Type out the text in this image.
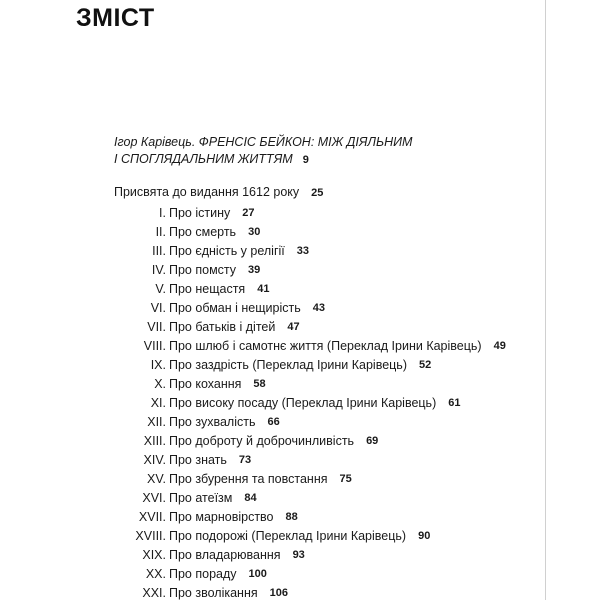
ЗМІСТ
Ігор Карівець. ФРЕНСІС БЕЙКОН: МІЖ ДІЯЛЬНИМ
І СПОГЛЯДАЛЬНИМ ЖИТТЯМ 9
Присвята до видання 1612 року 25
I. Про істину 27
II. Про смерть 30
III. Про єдність у релігії 33
IV. Про помсту 39
V. Про нещастя 41
VI. Про обман і нещирість 43
VII. Про батьків і дітей 47
VIII. Про шлюб і самотнє життя (Переклад Ірини Карівець) 49
IX. Про заздрість (Переклад Ірини Карівець) 52
X. Про кохання 58
XI. Про високу посаду (Переклад Ірини Карівець) 61
XII. Про зухвалість 66
XIII. Про доброту й доброчинливість 69
XIV. Про знать 73
XV. Про збурення та повстання 75
XVI. Про атеїзм 84
XVII. Про марнoвірство 88
XVIII. Про подорожі (Переклад Ірини Карівець) 90
XIX. Про владарювання 93
XX. Про пораду 100
XXI. Про зволікання 106
